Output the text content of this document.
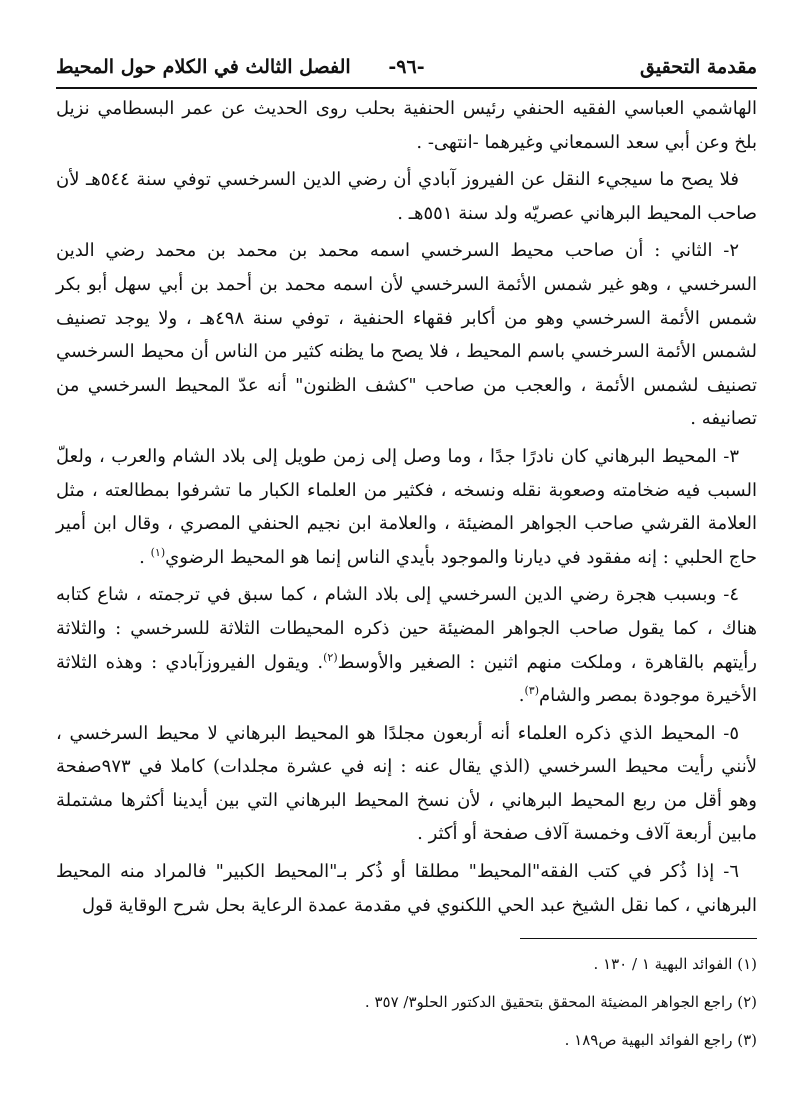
مقدمة التحقيق
-٩٦-
الفصل الثالث في الكلام حول المحيط

الهاشمي العباسي الفقيه الحنفي رئيس الحنفية بحلب روى الحديث عن عمر البسطامي نزيل بلخ وعن أبي سعد السمعاني وغيرهما -انتهى- .

فلا يصح ما سيجيء النقل عن الفيروز آبادي أن رضي الدين السرخسي توفي سنة ٥٤٤هـ لأن صاحب المحيط البرهاني عصريّه ولد سنة ٥٥١هـ .

٢- الثاني : أن صاحب محيط السرخسي اسمه محمد بن محمد بن محمد رضي الدين السرخسي ، وهو غير شمس الأئمة السرخسي لأن اسمه محمد بن أحمد بن أبي سهل أبو بكر شمس الأئمة السرخسي وهو من أكابر فقهاء الحنفية ، توفي سنة ٤٩٨هـ ، ولا يوجد تصنيف لشمس الأئمة السرخسي باسم المحيط ، فلا يصح ما يظنه كثير من الناس أن محيط السرخسي تصنيف لشمس الأئمة ، والعجب من صاحب "كشف الظنون" أنه عدّ المحيط السرخسي من تصانيفه .

٣- المحيط البرهاني كان نادرًا جدًا ، وما وصل إلى زمن طويل إلى بلاد الشام والعرب ، ولعلّ السبب فيه ضخامته وصعوبة نقله ونسخه ، فكثير من العلماء الكبار ما تشرفوا بمطالعته ، مثل العلامة القرشي صاحب الجواهر المضيئة ، والعلامة ابن نجيم الحنفي المصري ، وقال ابن أمير حاج الحلبي : إنه مفقود في ديارنا والموجود بأيدي الناس إنما هو المحيط الرضوي$^{(١)}$ .

٤- وبسبب هجرة رضي الدين السرخسي إلى بلاد الشام ، كما سبق في ترجمته ، شاع كتابه هناك ، كما يقول صاحب الجواهر المضيئة حين ذكره المحيطات الثلاثة للسرخسي : والثلاثة رأيتهم بالقاهرة ، وملكت منهم اثنين : الصغير والأوسط$^{(٢)}$. ويقول الفيروزآبادي : وهذه الثلاثة الأخيرة موجودة بمصر والشام$^{(٣)}$.

٥- المحيط الذي ذكره العلماء أنه أربعون مجلدًا هو المحيط البرهاني لا محيط السرخسي ، لأنني رأيت محيط السرخسي (الذي يقال عنه : إنه في عشرة مجلدات) كاملا في ٩٧٣صفحة وهو أقل من ربع المحيط البرهاني ، لأن نسخ المحيط البرهاني التي بين أيدينا أكثرها مشتملة مابين أربعة آلاف وخمسة آلاف صفحة أو أكثر .

٦- إذا ذُكر في كتب الفقه"المحيط" مطلقا أو ذُكر بـ"المحيط الكبير" فالمراد منه المحيط البرهاني ، كما نقل الشيخ عبد الحي اللكنوي في مقدمة عمدة الرعاية بحل شرح الوقاية قول

(١) الفوائد البهية ١ / ١٣٠ .
(٢) راجع الجواهر المضيئة المحقق بتحقيق الدكتور الحلو٣/ ٣٥٧ .
(٣) راجع الفوائد البهية ص١٨٩ .
